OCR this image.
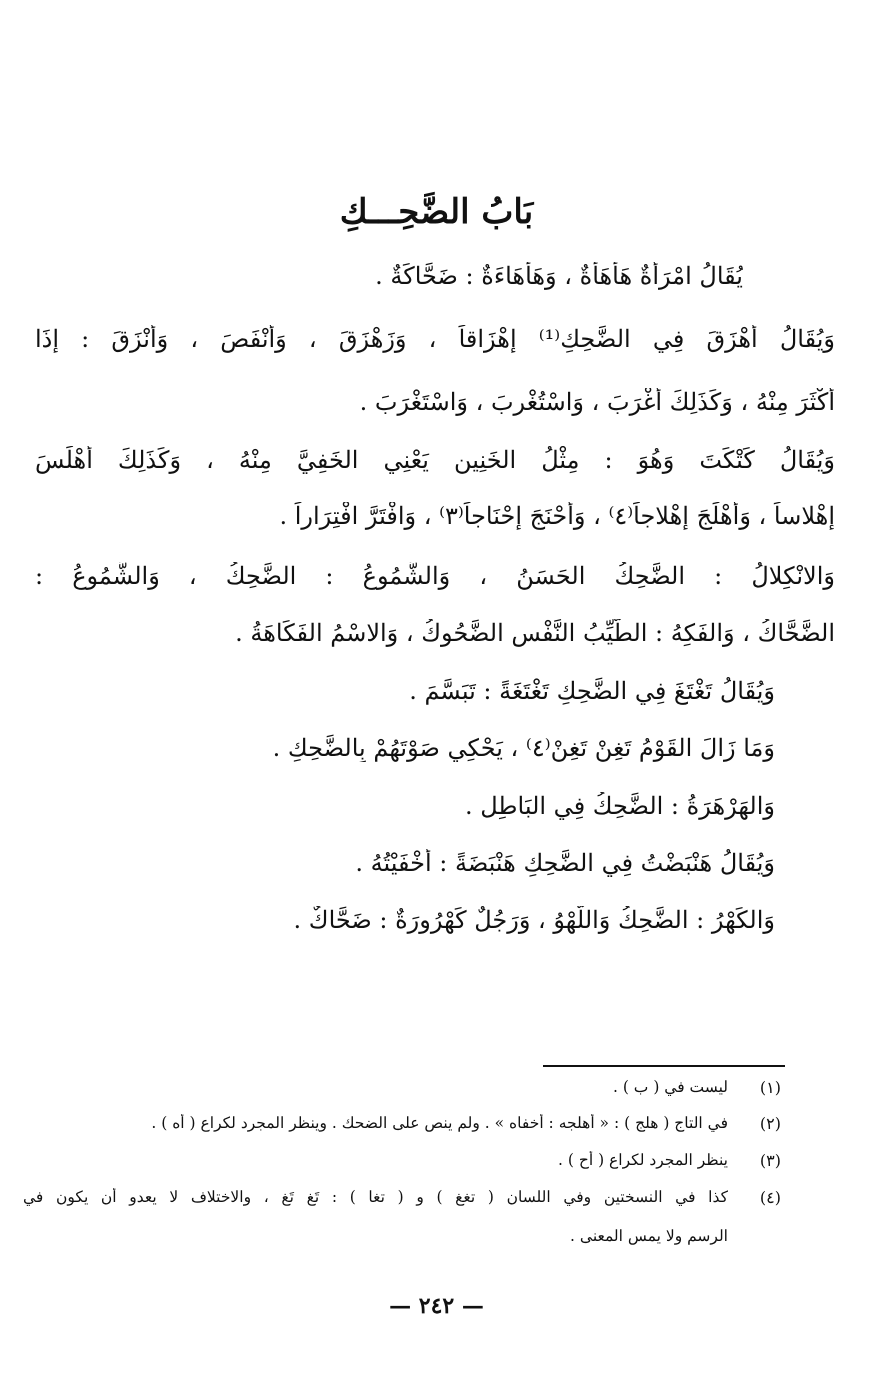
بَابُ الضَّحِـــكِ
يُقَالُ امْرَأَةٌ هَأْهَأَةٌ ، وَهَأْهَاءَةٌ : ضَحَّاكَةٌ .
وَيُقَالُ أَهْزَقَ فِي الضَّحِكِ⁽¹⁾ إِهْزَاقاً ، وَزَهْزَقَ ، وَأَنْفَصَ ، وَأَنْزَقَ : إِذَا
أَكْثَرَ مِنْهُ ، وَكَذَلِكَ أَغْرَبَ ، وَاسْتُغْرِبَ ، وَاسْتَغْرَبَ .
وَيُقَالُ كَتْكَتَ وَهُوَ : مِثْلُ الخَنِينِ يَعْنِي الخَفِيَّ مِنْهُ ، وَكَذَلِكَ أَهْلَسَ
إِهْلاساً ، وَأَهْلَجَ إِهْلاجاً⁽٤⁾ ، وَأَحْنَجَ إِحْنَاجاً⁽٣⁾ ، وَافْتَرَّ افْتِرَاراً .
وَالانْكِلالُ : الضَّحِكُ الحَسَنُ ، وَالشُّمُوعُ : الضَّحِكُ ، وَالشَّمُوعُ :
الضَّحَّاكُ ، وَالفَكِهُ : الطَّيِّبُ النَّفْسِ الضَّحُوكُ ، وَالاسْمُ الفَكَاهَةُ .
وَيُقَالُ تَغْتَغَ فِي الضَّحِكِ تَغْتَغَةً : تَبَسَّمَ .
وَمَا زَالَ القَوْمُ تَغِنْ تَغِنْ⁽٤⁾ ، يَحْكِي صَوْتَهُمْ بِالضَّحِكِ .
وَالهَرْهَرَةُ : الضَّحِكُ فِي البَاطِلِ .
وَيُقَالُ هَنْبَضْتُ فِي الضَّحِكِ هَنْبَضَةً : أَخْفَيْتُهُ .
وَالكَهْرُ : الضَّحِكُ وَاللَّهْوُ ، وَرَجُلٌ كَهْرُورَةٌ : ضَحَّاكٌ .
(١)
ليست في ( ب ) .
(٢)
في التاج ( هلج ) : « أهلجه : أخفاه » . ولم ينص على الضحك . وينظر المجرد لكراع ( أه ) .
(٣)
ينظر المجرد لكراع ( أح ) .
(٤)
كذا في النسختين وفي اللسان ( تغغ ) و ( تغا ) : تَغٍ تَغٍ ، والاختلاف لا يعدو أن يكون في
الرسم ولا يمس المعنى .
— ٢٤٢ —
